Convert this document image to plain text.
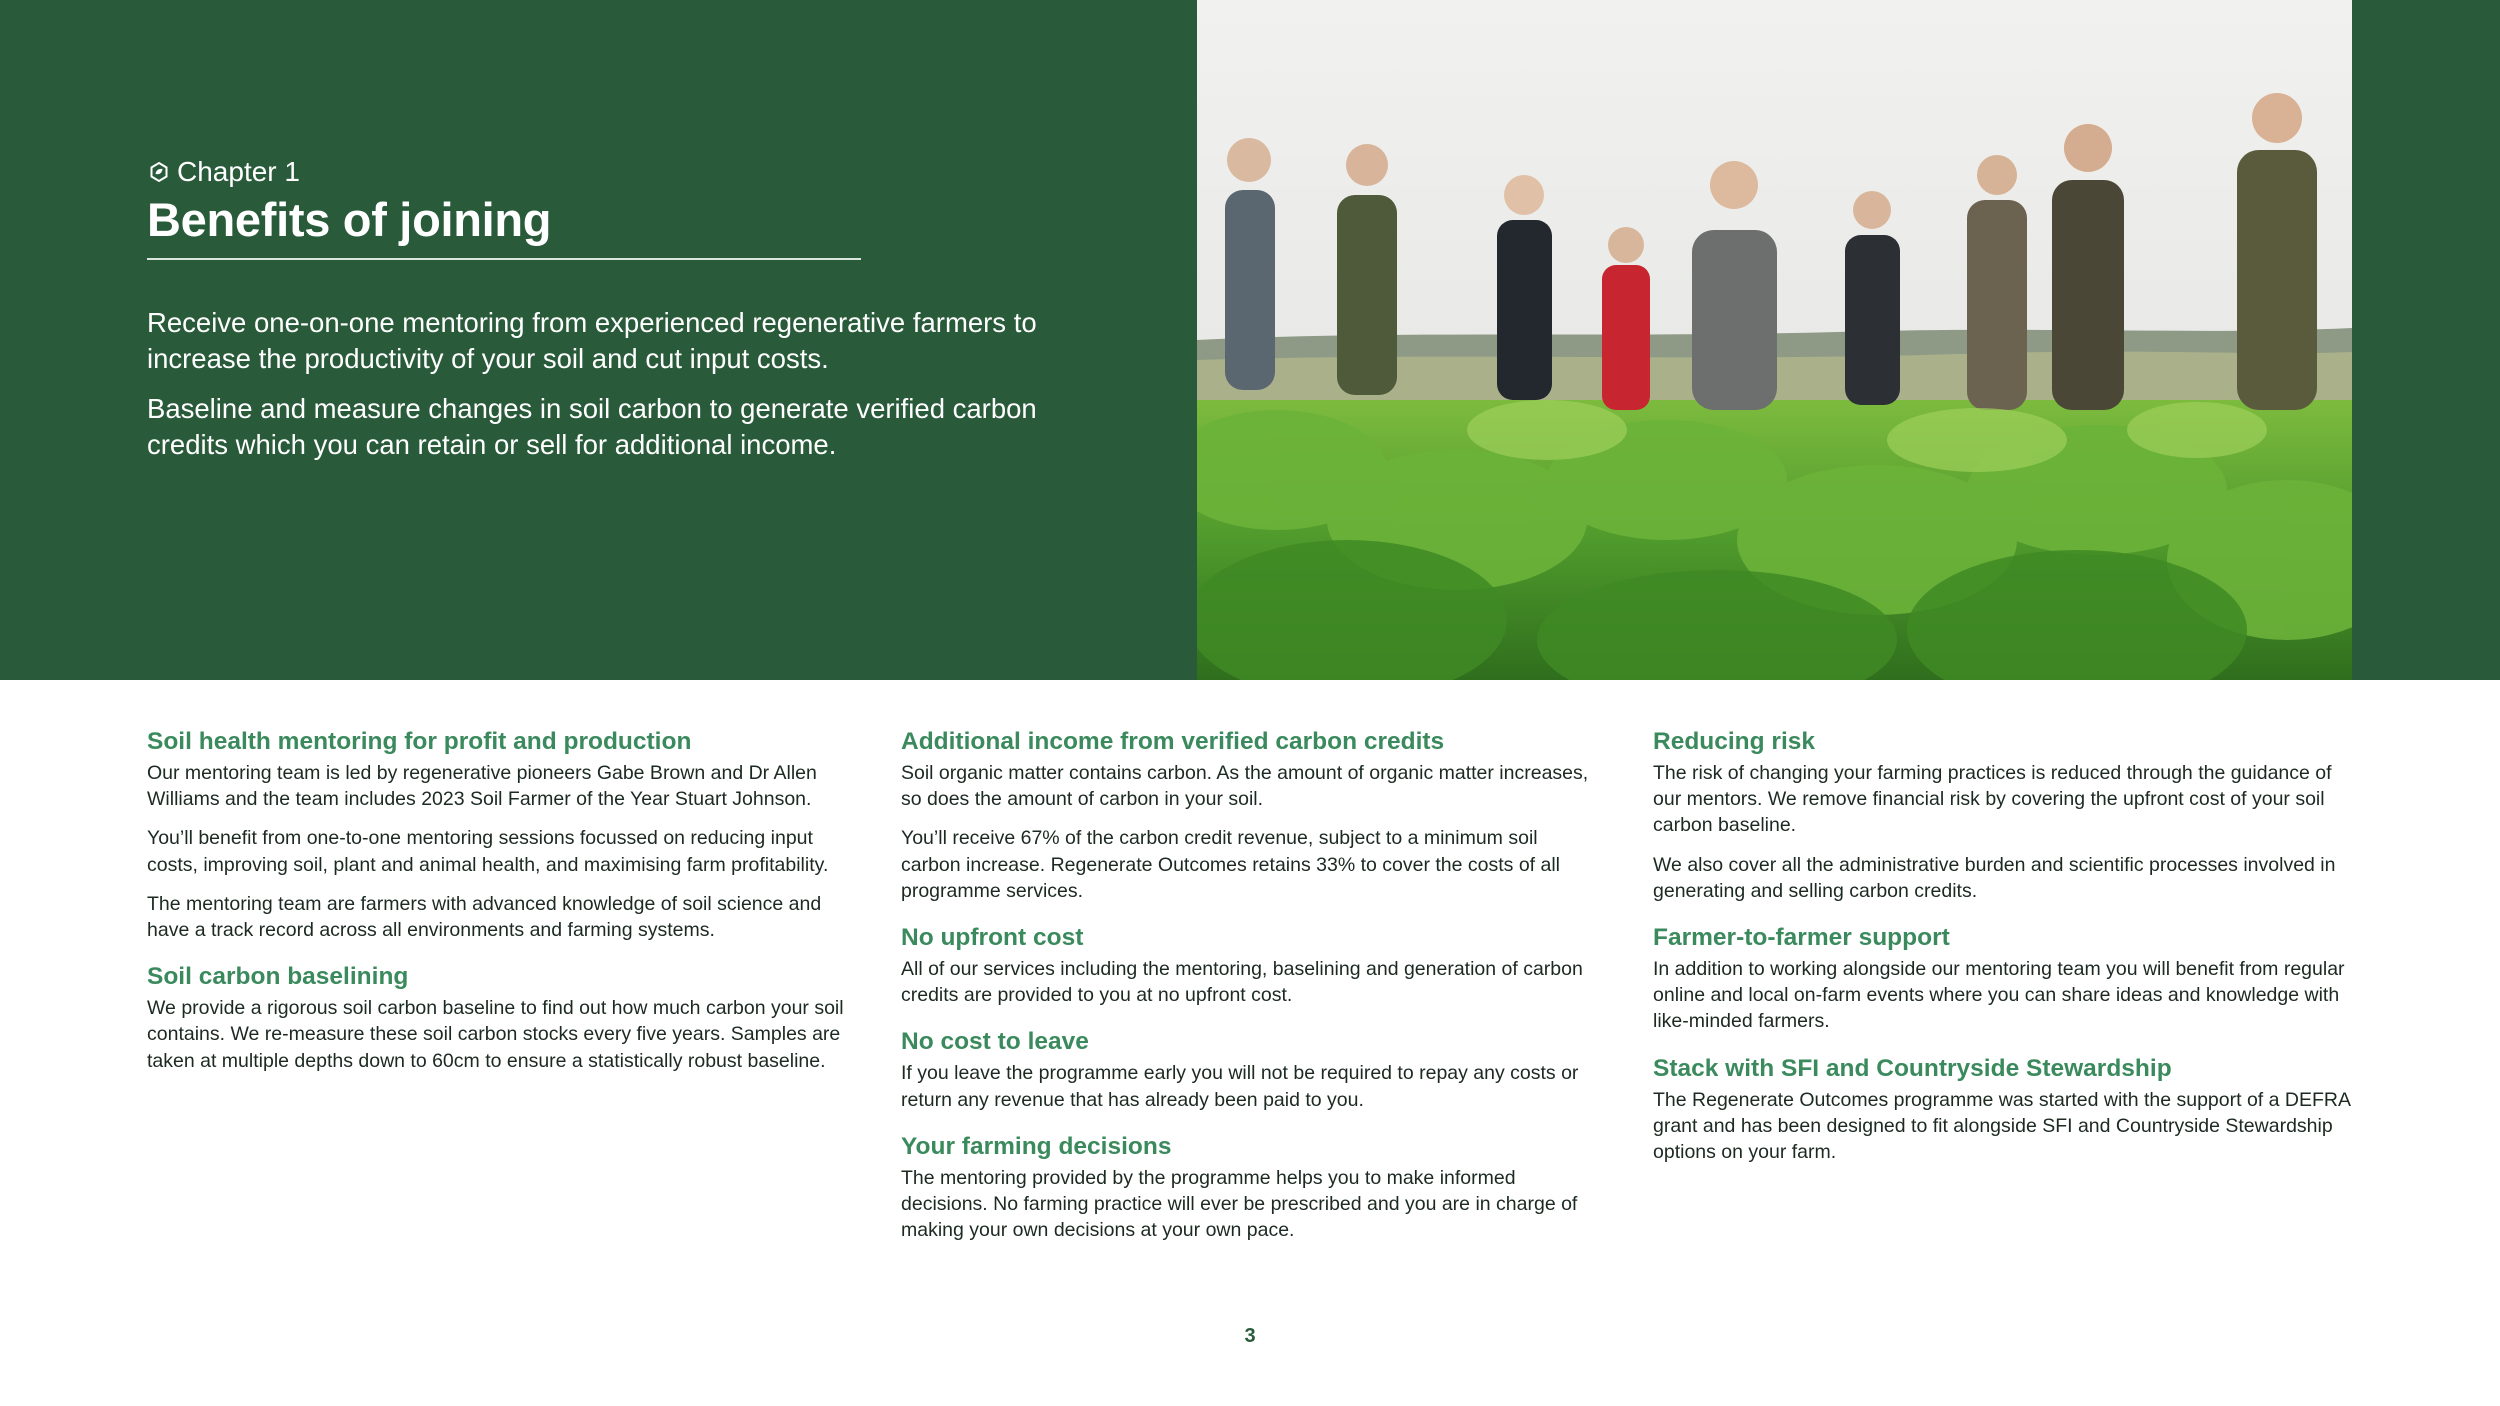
Chapter 1
Benefits of joining

Receive one-on-one mentoring from experienced regenerative farmers to increase the productivity of your soil and cut input costs.

Baseline and measure changes in soil carbon to generate verified carbon credits which you can retain or sell for additional income.

Soil health mentoring for profit and production

Our mentoring team is led by regenerative pioneers Gabe Brown and Dr Allen Williams and the team includes 2023 Soil Farmer of the Year Stuart Johnson.

You’ll benefit from one-to-one mentoring sessions focussed on reducing input costs, improving soil, plant and animal health, and maximising farm profitability.

The mentoring team are farmers with advanced knowledge of soil science and have a track record across all environments and farming systems.

Soil carbon baselining

We provide a rigorous soil carbon baseline to find out how much carbon your soil contains. We re-measure these soil carbon stocks every five years. Samples are taken at multiple depths down to 60cm to ensure a statistically robust baseline.

Additional income from verified carbon credits

Soil organic matter contains carbon. As the amount of organic matter increases, so does the amount of carbon in your soil.

You’ll receive 67% of the carbon credit revenue, subject to a minimum soil carbon increase. Regenerate Outcomes retains 33% to cover the costs of all programme services.

No upfront cost

All of our services including the mentoring, baselining and generation of carbon credits are provided to you at no upfront cost.

No cost to leave

If you leave the programme early you will not be required to repay any costs or return any revenue that has already been paid to you.

Your farming decisions

The mentoring provided by the programme helps you to make informed decisions. No farming practice will ever be prescribed and you are in charge of making your own decisions at your own pace.

Reducing risk

The risk of changing your farming practices is reduced through the guidance of our mentors. We remove financial risk by covering the upfront cost of your soil carbon baseline.

We also cover all the administrative burden and scientific processes involved in generating and selling carbon credits.

Farmer-to-farmer support

In addition to working alongside our mentoring team you will benefit from regular online and local on-farm events where you can share ideas and knowledge with like-minded farmers.

Stack with SFI and Countryside Stewardship

The Regenerate Outcomes programme was started with the support of a DEFRA grant and has been designed to fit alongside SFI and Countryside Stewardship options on your farm.

3
